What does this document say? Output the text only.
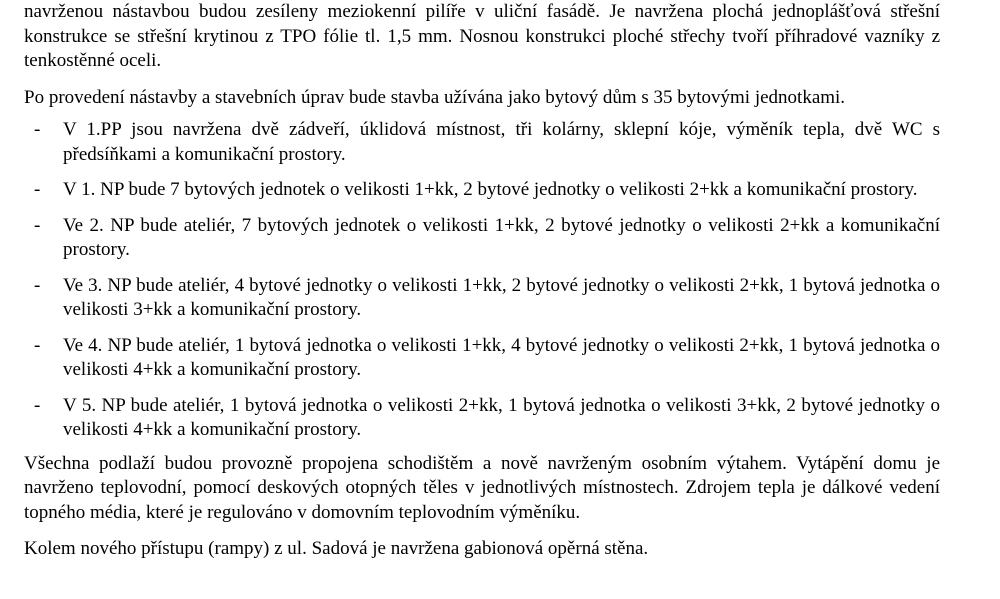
navrženou nástavbou budou zesíleny meziokenní pilíře v uliční fasádě. Je navržena plochá jednoplášťová střešní konstrukce se střešní krytinou z TPO fólie tl. 1,5 mm. Nosnou konstrukci ploché střechy tvoří příhradové vazníky z tenkostěnné oceli.

Po provedení nástavby a stavebních úprav bude stavba užívána jako bytový dům s 35 bytovými jednotkami.

- V 1.PP jsou navržena dvě zádveří, úklidová místnost, tři kolárny, sklepní kóje, výměník tepla, dvě WC s předsíňkami a komunikační prostory.
- V 1. NP bude 7 bytových jednotek o velikosti 1+kk, 2 bytové jednotky o velikosti 2+kk a komunikační prostory.
- Ve 2. NP bude ateliér, 7 bytových jednotek o velikosti 1+kk, 2 bytové jednotky o velikosti 2+kk a komunikační prostory.
- Ve 3. NP bude ateliér, 4 bytové jednotky o velikosti 1+kk, 2 bytové jednotky o velikosti 2+kk, 1 bytová jednotka o velikosti 3+kk a komunikační prostory.
- Ve 4. NP bude ateliér, 1 bytová jednotka o velikosti 1+kk, 4 bytové jednotky o velikosti 2+kk, 1 bytová jednotka o velikosti 4+kk a komunikační prostory.
- V 5. NP bude ateliér, 1 bytová jednotka o velikosti 2+kk, 1 bytová jednotka o velikosti 3+kk, 2 bytové jednotky o velikosti 4+kk a komunikační prostory.

Všechna podlaží budou provozně propojena schodištěm a nově navrženým osobním výtahem. Vytápění domu je navrženo teplovodní, pomocí deskových otopných těles v jednotlivých místnostech. Zdrojem tepla je dálkové vedení topného média, které je regulováno v domovním teplovodním výměníku.

Kolem nového přístupu (rampy) z ul. Sadová je navržena gabionová opěrná stěna.
